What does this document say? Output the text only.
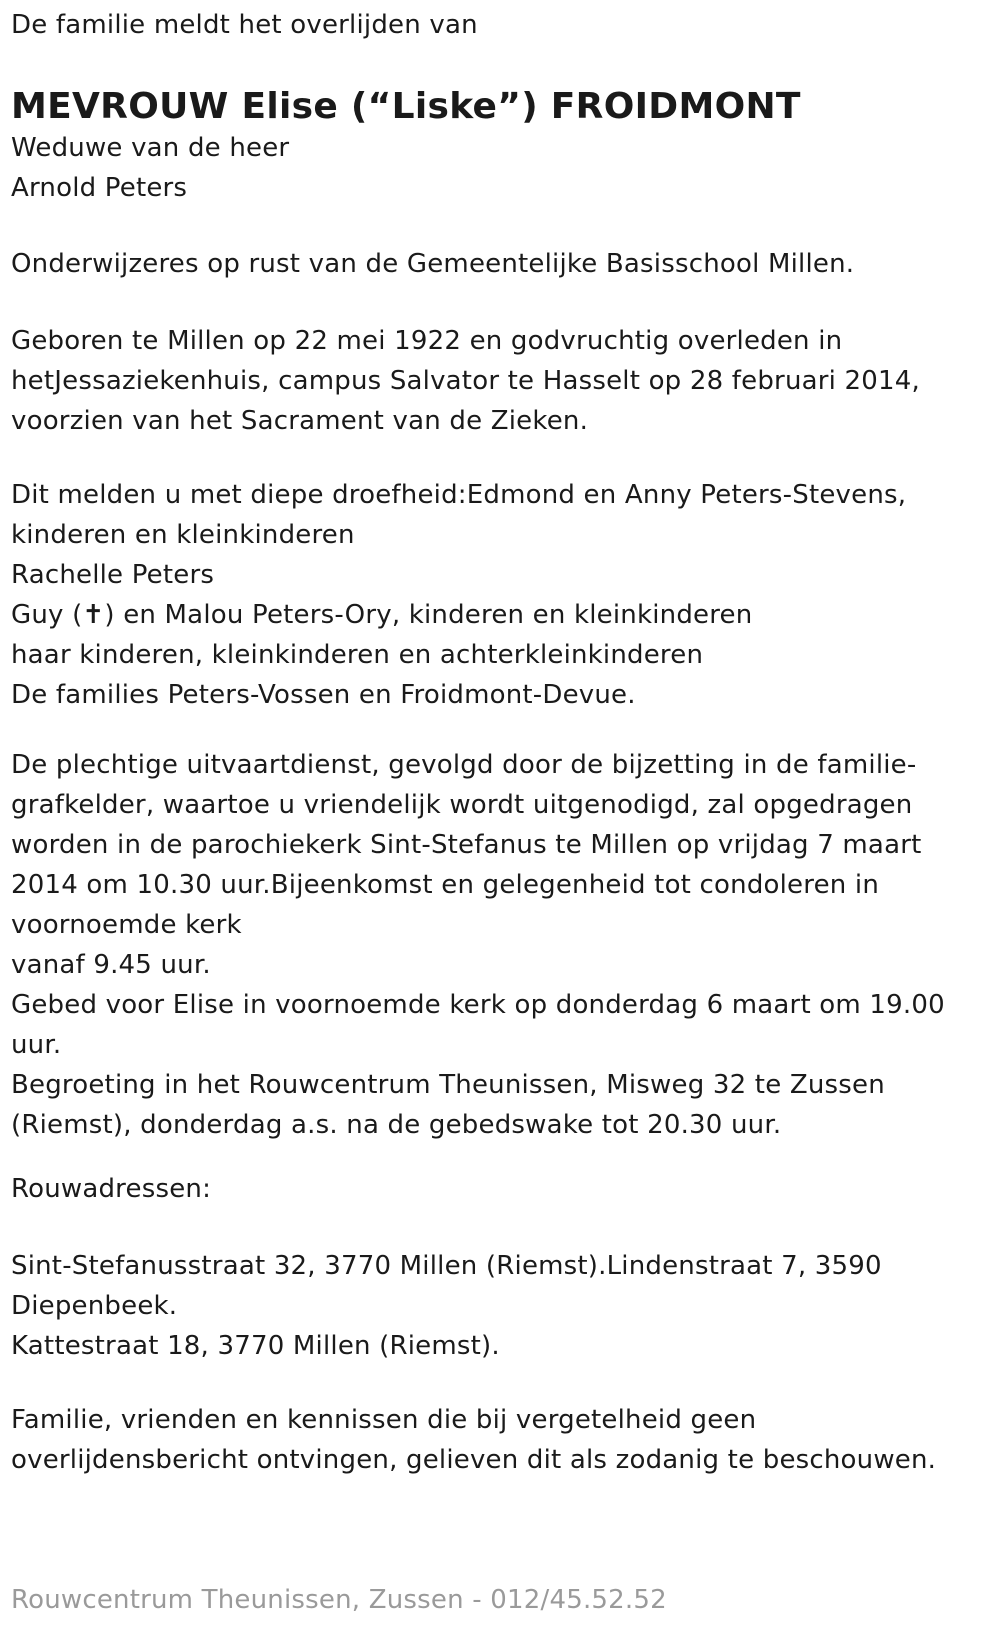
De familie meldt het overlijden van
MEVROUW Elise (“Liske”) FROIDMONT
Weduwe van de heer
Arnold Peters
Onderwijzeres op rust van de Gemeentelijke Basisschool Millen.
Geboren te Millen op 22 mei 1922 en godvruchtig overleden in
hetJessaziekenhuis, campus Salvator te Hasselt op 28 februari 2014,
voorzien van het Sacrament van de Zieken.
Dit melden u met diepe droefheid:Edmond en Anny Peters-Stevens,
kinderen en kleinkinderen
Rachelle Peters
Guy (✝) en Malou Peters-Ory, kinderen en kleinkinderen
haar kinderen, kleinkinderen en achterkleinkinderen
De families Peters-Vossen en Froidmont-Devue.
De plechtige uitvaartdienst, gevolgd door de bijzetting in de familie-
grafkelder, waartoe u vriendelijk wordt uitgenodigd, zal opgedragen
worden in de parochiekerk Sint-Stefanus te Millen op vrijdag 7 maart
2014 om 10.30 uur.Bijeenkomst en gelegenheid tot condoleren in
voornoemde kerk
vanaf 9.45 uur.
Gebed voor Elise in voornoemde kerk op donderdag 6 maart om 19.00
uur.
Begroeting in het Rouwcentrum Theunissen, Misweg 32 te Zussen
(Riemst), donderdag a.s. na de gebedswake tot 20.30 uur.
Rouwadressen:
Sint-Stefanusstraat 32, 3770 Millen (Riemst).Lindenstraat 7, 3590
Diepenbeek.
Kattestraat 18, 3770 Millen (Riemst).
Familie, vrienden en kennissen die bij vergetelheid geen
overlijdensbericht ontvingen, gelieven dit als zodanig te beschouwen.
Rouwcentrum Theunissen, Zussen - 012/45.52.52
